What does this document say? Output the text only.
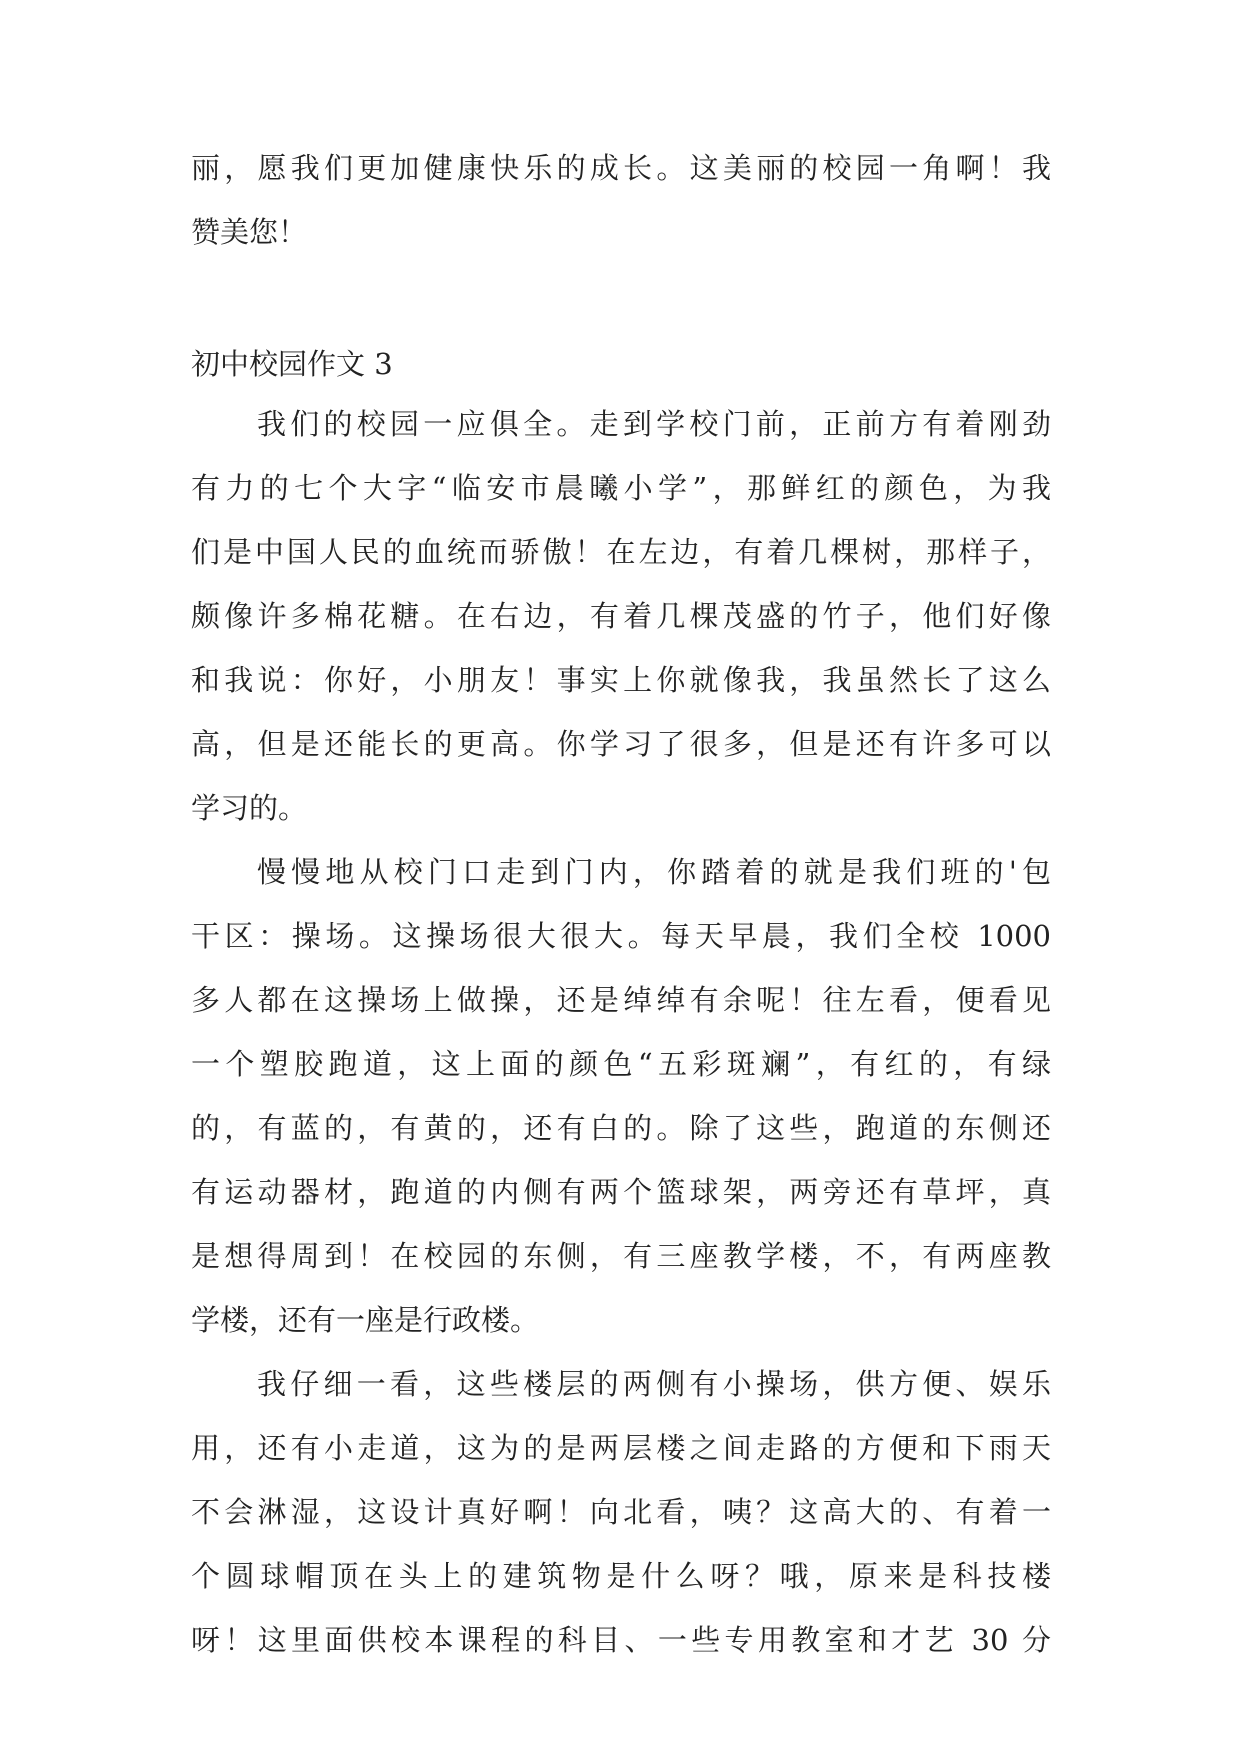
丽，愿我们更加健康快乐的成长。这美丽的校园一角啊！我
赞美您！
初中校园作文 3
我们的校园一应俱全。走到学校门前，正前方有着刚劲
有力的七个大字“临安市晨曦小学”，那鲜红的颜色，为我
们是中国人民的血统而骄傲！在左边，有着几棵树，那样子，
颇像许多棉花糖。在右边，有着几棵茂盛的竹子，他们好像
和我说：你好，小朋友！事实上你就像我，我虽然长了这么
高，但是还能长的更高。你学习了很多，但是还有许多可以
学习的。
慢慢地从校门口走到门内，你踏着的就是我们班的'包
干区：操场。这操场很大很大。每天早晨，我们全校 1000
多人都在这操场上做操，还是绰绰有余呢！往左看，便看见
一个塑胶跑道，这上面的颜色“五彩斑斓”，有红的，有绿
的，有蓝的，有黄的，还有白的。除了这些，跑道的东侧还
有运动器材，跑道的内侧有两个篮球架，两旁还有草坪，真
是想得周到！在校园的东侧，有三座教学楼，不，有两座教
学楼，还有一座是行政楼。
我仔细一看，这些楼层的两侧有小操场，供方便、娱乐
用，还有小走道，这为的是两层楼之间走路的方便和下雨天
不会淋湿，这设计真好啊！向北看，咦？这高大的、有着一
个圆球帽顶在头上的建筑物是什么呀？哦，原来是科技楼
呀！这里面供校本课程的科目、一些专用教室和才艺 30 分
